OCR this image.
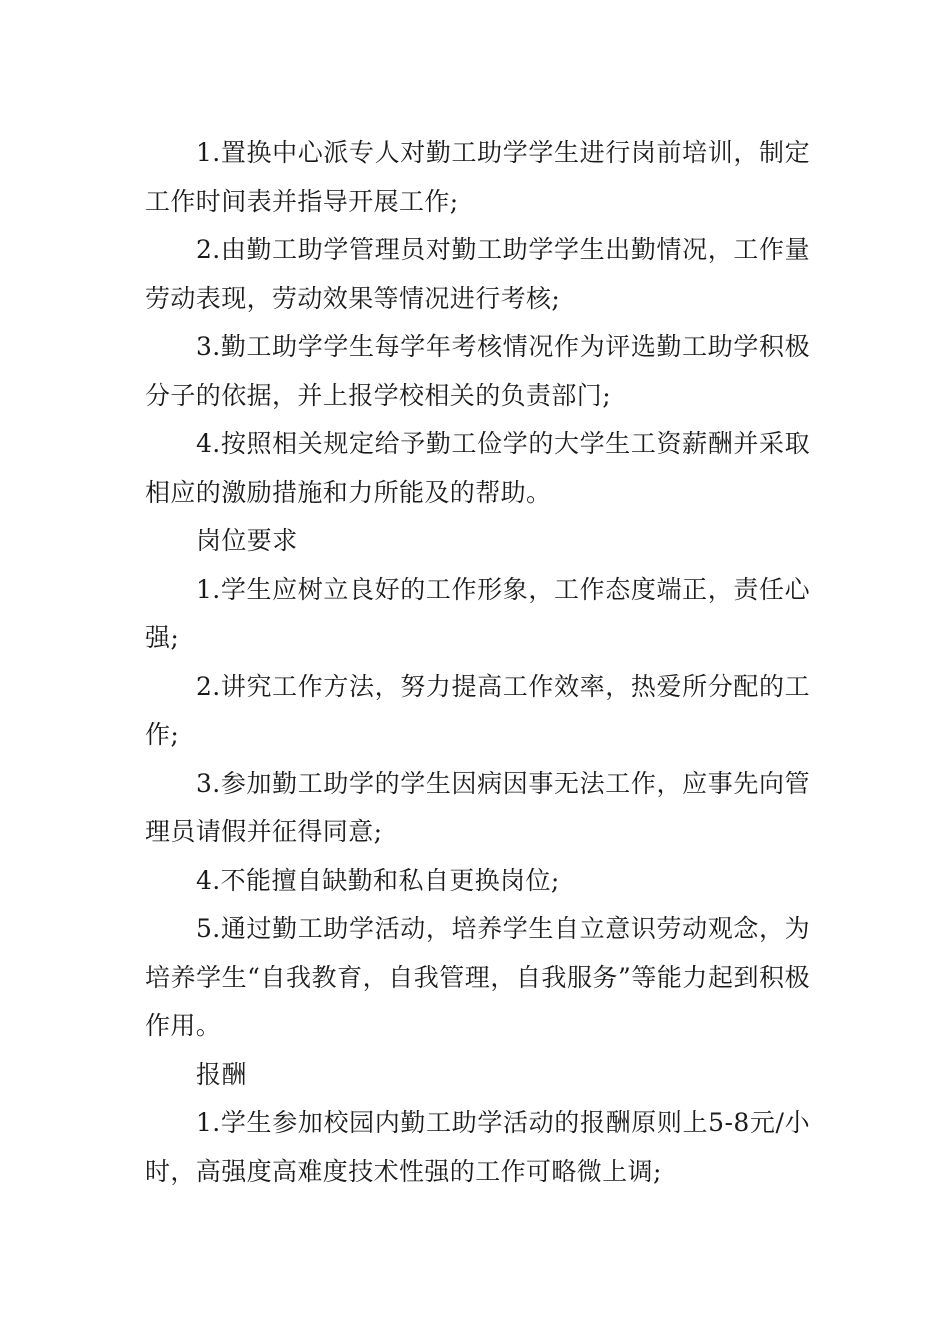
1.置换中心派专人对勤工助学学生进行岗前培训，制定工作时间表并指导开展工作;

2.由勤工助学管理员对勤工助学学生出勤情况，工作量劳动表现，劳动效果等情况进行考核;

3.勤工助学学生每学年考核情况作为评选勤工助学积极分子的依据，并上报学校相关的负责部门;

4.按照相关规定给予勤工俭学的大学生工资薪酬并采取相应的激励措施和力所能及的帮助。

岗位要求

1.学生应树立良好的工作形象，工作态度端正，责任心强;

2.讲究工作方法，努力提高工作效率，热爱所分配的工作;

3.参加勤工助学的学生因病因事无法工作，应事先向管理员请假并征得同意;

4.不能擅自缺勤和私自更换岗位;

5.通过勤工助学活动，培养学生自立意识劳动观念，为培养学生“自我教育，自我管理，自我服务”等能力起到积极作用。

报酬

1.学生参加校园内勤工助学活动的报酬原则上5-8元/小时，高强度高难度技术性强的工作可略微上调;
